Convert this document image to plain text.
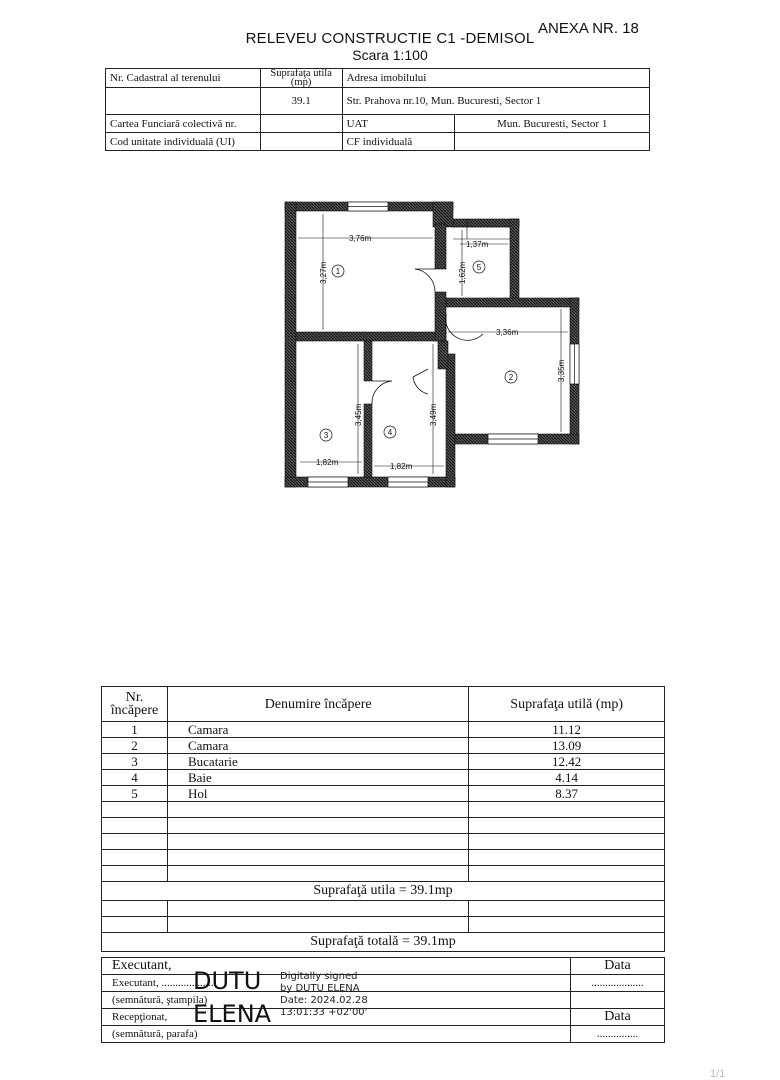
ANEXA NR. 18
RELEVEU CONSTRUCTIE C1 -DEMISOL
Scara 1:100
Nr. Cadastral al terenului	Suprafaţa utila (mp)	Adresa imobilului	
	39.1	Str. Prahova nr.10, Mun. Bucuresti, Sector 1	
Cartea Funciară colectivă nr.		UAT	Mun. Bucuresti, Sector 1
Cod unitate individuală (UI)		CF individuală	
3,76m
3,27m
1,37m
1,62m
3,36m
3,35m
3,45m
1,82m
3,49m
1,82m
1
2
3	4
5
Nr. încăpere	Denumire încăpere	Suprafaţa utilă (mp)
1	Camara	11.12
2	Camara	13.09
3	Bucatarie	12.42
4	Baie	4.14
5	Hol	8.37

Suprafaţă utila = 39.1mp		

Suprafaţă totală = 39.1mp		
Executant,	Data
Executant, ...................	...................
(semnătură, ştampila)	
Recepţionat,	Data
(semnătură, parafa)	...............
DUTU
ELENA
Digitally signed
by DUTU ELENA
Date: 2024.02.28
13:01:33 +02'00'
1/1
